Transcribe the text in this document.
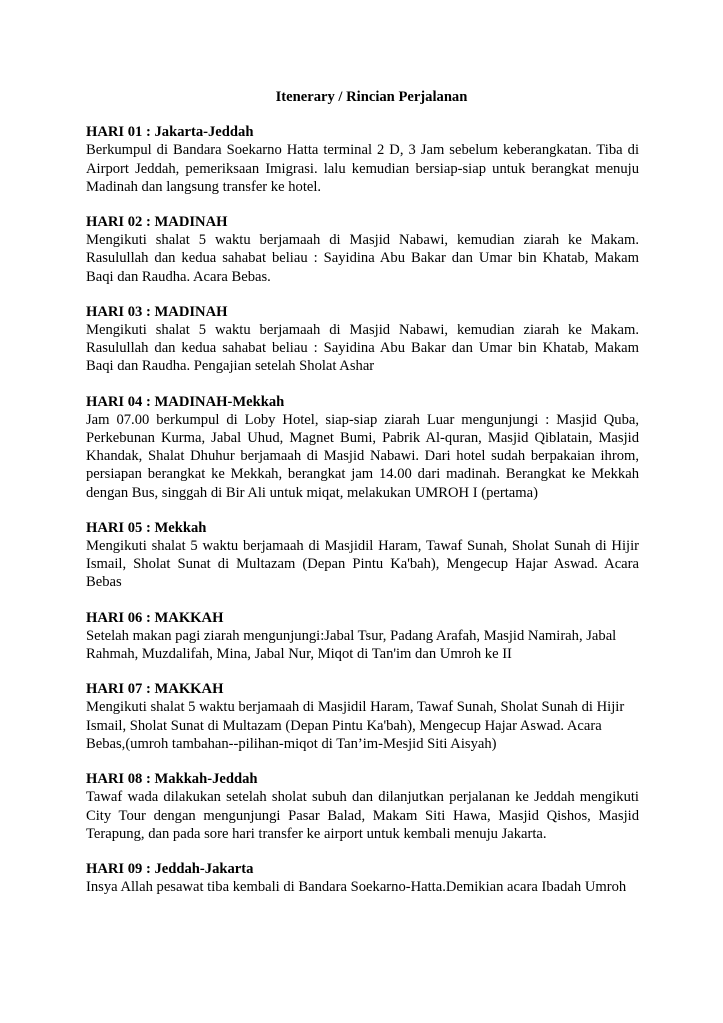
Itenerary / Rincian Perjalanan

HARI 01 : Jakarta-Jeddah

Berkumpul di Bandara Soekarno Hatta terminal 2 D, 3 Jam sebelum keberangkatan. Tiba di Airport Jeddah, pemeriksaan Imigrasi. lalu kemudian bersiap-siap untuk berangkat menuju Madinah dan langsung transfer ke hotel.

HARI 02 : MADINAH

Mengikuti shalat 5 waktu berjamaah di Masjid Nabawi, kemudian ziarah ke Makam. Rasulullah dan kedua sahabat beliau : Sayidina Abu Bakar dan Umar bin Khatab, Makam Baqi dan Raudha. Acara Bebas.

HARI 03 : MADINAH

Mengikuti shalat 5 waktu berjamaah di Masjid Nabawi, kemudian ziarah ke Makam. Rasulullah dan kedua sahabat beliau : Sayidina Abu Bakar dan Umar bin Khatab, Makam Baqi dan Raudha. Pengajian setelah Sholat Ashar

HARI 04 : MADINAH-Mekkah

Jam 07.00 berkumpul di Loby Hotel, siap-siap ziarah Luar mengunjungi : Masjid Quba, Perkebunan Kurma, Jabal Uhud, Magnet Bumi, Pabrik Al-quran, Masjid Qiblatain, Masjid Khandak, Shalat Dhuhur berjamaah di Masjid Nabawi. Dari hotel sudah berpakaian ihrom, persiapan berangkat ke Mekkah, berangkat jam 14.00 dari madinah. Berangkat ke Mekkah dengan Bus, singgah di Bir Ali untuk miqat, melakukan UMROH I (pertama)

HARI 05 : Mekkah

Mengikuti shalat 5 waktu berjamaah di Masjidil Haram, Tawaf Sunah, Sholat Sunah di Hijir Ismail, Sholat Sunat di Multazam (Depan Pintu Ka'bah), Mengecup Hajar Aswad. Acara Bebas

HARI 06 : MAKKAH

Setelah makan pagi ziarah mengunjungi:Jabal Tsur, Padang Arafah, Masjid Namirah, Jabal Rahmah, Muzdalifah, Mina, Jabal Nur, Miqot di Tan'im dan Umroh ke II

HARI 07 : MAKKAH

Mengikuti shalat 5 waktu berjamaah di Masjidil Haram, Tawaf Sunah, Sholat Sunah di Hijir Ismail, Sholat Sunat di Multazam (Depan Pintu Ka'bah), Mengecup Hajar Aswad. Acara Bebas,(umroh tambahan--pilihan-miqot di Tan’im-Mesjid Siti Aisyah)

HARI 08 : Makkah-Jeddah

Tawaf wada dilakukan setelah sholat subuh dan dilanjutkan perjalanan ke Jeddah mengikuti City Tour dengan mengunjungi Pasar Balad, Makam Siti Hawa, Masjid Qishos, Masjid Terapung, dan pada sore hari transfer ke airport untuk kembali menuju Jakarta.

HARI 09 : Jeddah-Jakarta

Insya Allah pesawat tiba kembali di Bandara Soekarno-Hatta.Demikian acara Ibadah Umroh
